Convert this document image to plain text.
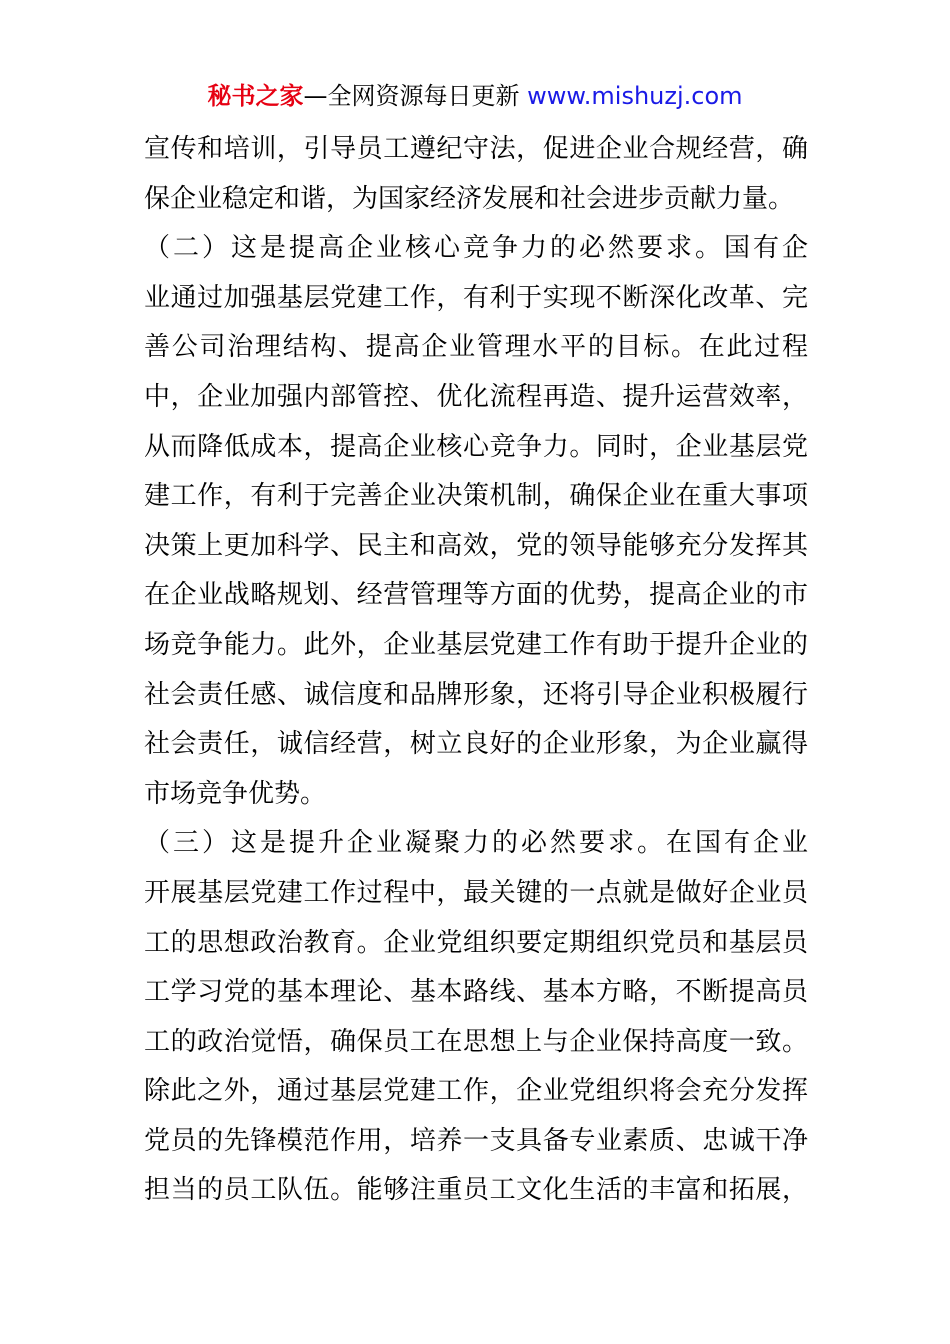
秘书之家—全网资源每日更新 www.mishuzj.com
宣传和培训，引导员工遵纪守法，促进企业合规经营，确
保企业稳定和谐，为国家经济发展和社会进步贡献力量。
（二）这是提高企业核心竞争力的必然要求。国有企
业通过加强基层党建工作，有利于实现不断深化改革、完
善公司治理结构、提高企业管理水平的目标。在此过程
中，企业加强内部管控、优化流程再造、提升运营效率，
从而降低成本，提高企业核心竞争力。同时，企业基层党
建工作，有利于完善企业决策机制，确保企业在重大事项
决策上更加科学、民主和高效，党的领导能够充分发挥其
在企业战略规划、经营管理等方面的优势，提高企业的市
场竞争能力。此外，企业基层党建工作有助于提升企业的
社会责任感、诚信度和品牌形象，还将引导企业积极履行
社会责任，诚信经营，树立良好的企业形象，为企业赢得
市场竞争优势。
（三）这是提升企业凝聚力的必然要求。在国有企业
开展基层党建工作过程中，最关键的一点就是做好企业员
工的思想政治教育。企业党组织要定期组织党员和基层员
工学习党的基本理论、基本路线、基本方略，不断提高员
工的政治觉悟，确保员工在思想上与企业保持高度一致。
除此之外，通过基层党建工作，企业党组织将会充分发挥
党员的先锋模范作用，培养一支具备专业素质、忠诚干净
担当的员工队伍。能够注重员工文化生活的丰富和拓展，
